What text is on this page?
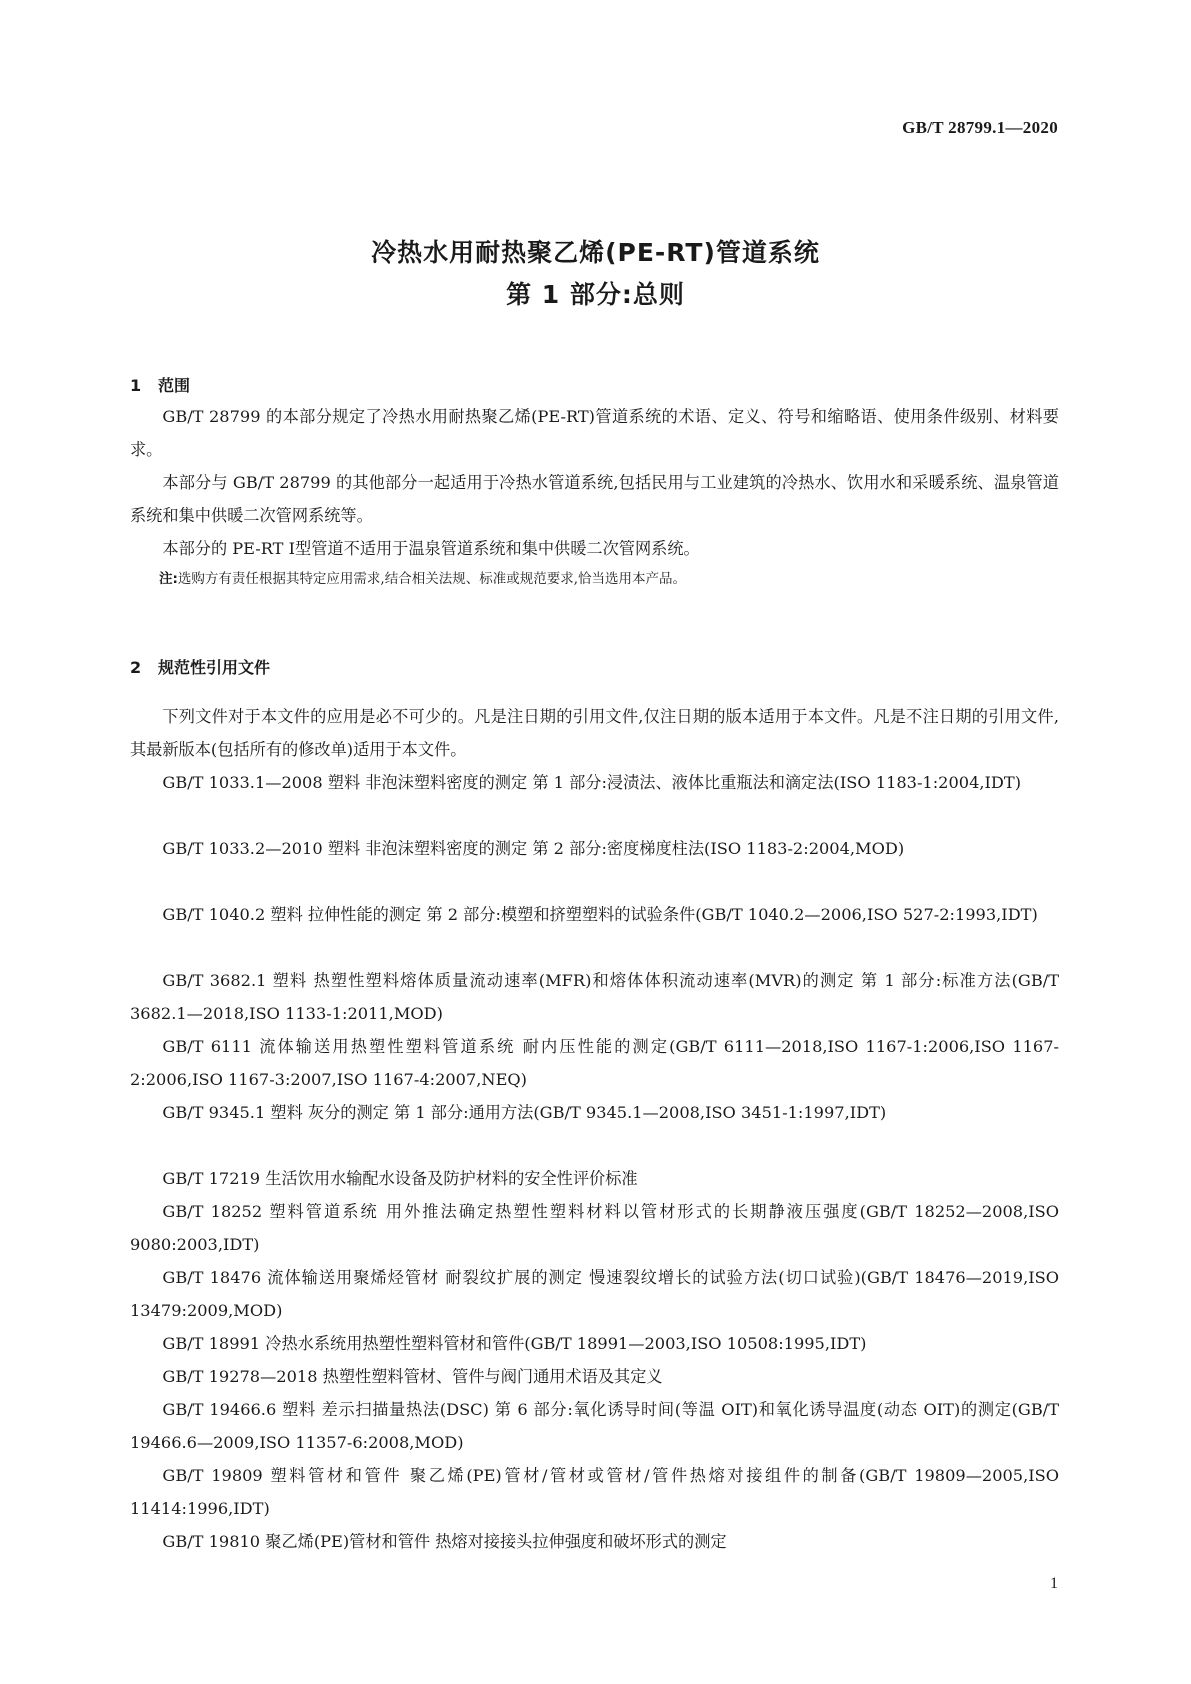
GB/T 28799.1—2020
冷热水用耐热聚乙烯(PE-RT)管道系统
第 1 部分:总则
1 范围

GB/T 28799 的本部分规定了冷热水用耐热聚乙烯(PE-RT)管道系统的术语、定义、符号和缩略语、使用条件级别、材料要求。

本部分与 GB/T 28799 的其他部分一起适用于冷热水管道系统,包括民用与工业建筑的冷热水、饮用水和采暖系统、温泉管道系统和集中供暖二次管网系统等。

本部分的 PE-RT Ⅰ型管道不适用于温泉管道系统和集中供暖二次管网系统。

注:选购方有责任根据其特定应用需求,结合相关法规、标准或规范要求,恰当选用本产品。

2 规范性引用文件

下列文件对于本文件的应用是必不可少的。凡是注日期的引用文件,仅注日期的版本适用于本文件。凡是不注日期的引用文件,其最新版本(包括所有的修改单)适用于本文件。

GB/T 1033.1—2008 塑料 非泡沫塑料密度的测定 第 1 部分:浸渍法、液体比重瓶法和滴定法(ISO 1183-1:2004,IDT)

GB/T 1033.2—2010 塑料 非泡沫塑料密度的测定 第 2 部分:密度梯度柱法(ISO 1183-2:2004,MOD)

GB/T 1040.2 塑料 拉伸性能的测定 第 2 部分:模塑和挤塑塑料的试验条件(GB/T 1040.2—2006,ISO 527-2:1993,IDT)

GB/T 3682.1 塑料 热塑性塑料熔体质量流动速率(MFR)和熔体体积流动速率(MVR)的测定 第 1 部分:标准方法(GB/T 3682.1—2018,ISO 1133-1:2011,MOD)

GB/T 6111 流体输送用热塑性塑料管道系统 耐内压性能的测定(GB/T 6111—2018,ISO 1167-1:2006,ISO 1167-2:2006,ISO 1167-3:2007,ISO 1167-4:2007,NEQ)

GB/T 9345.1 塑料 灰分的测定 第 1 部分:通用方法(GB/T 9345.1—2008,ISO 3451-1:1997,IDT)

GB/T 17219 生活饮用水输配水设备及防护材料的安全性评价标准

GB/T 18252 塑料管道系统 用外推法确定热塑性塑料材料以管材形式的长期静液压强度(GB/T 18252—2008,ISO 9080:2003,IDT)

GB/T 18476 流体输送用聚烯烃管材 耐裂纹扩展的测定 慢速裂纹增长的试验方法(切口试验)(GB/T 18476—2019,ISO 13479:2009,MOD)

GB/T 18991 冷热水系统用热塑性塑料管材和管件(GB/T 18991—2003,ISO 10508:1995,IDT)

GB/T 19278—2018 热塑性塑料管材、管件与阀门通用术语及其定义

GB/T 19466.6 塑料 差示扫描量热法(DSC) 第 6 部分:氧化诱导时间(等温 OIT)和氧化诱导温度(动态 OIT)的测定(GB/T 19466.6—2009,ISO 11357-6:2008,MOD)

GB/T 19809 塑料管材和管件 聚乙烯(PE)管材/管材或管材/管件热熔对接组件的制备(GB/T 19809—2005,ISO 11414:1996,IDT)

GB/T 19810 聚乙烯(PE)管材和管件 热熔对接接头拉伸强度和破坏形式的测定

1
